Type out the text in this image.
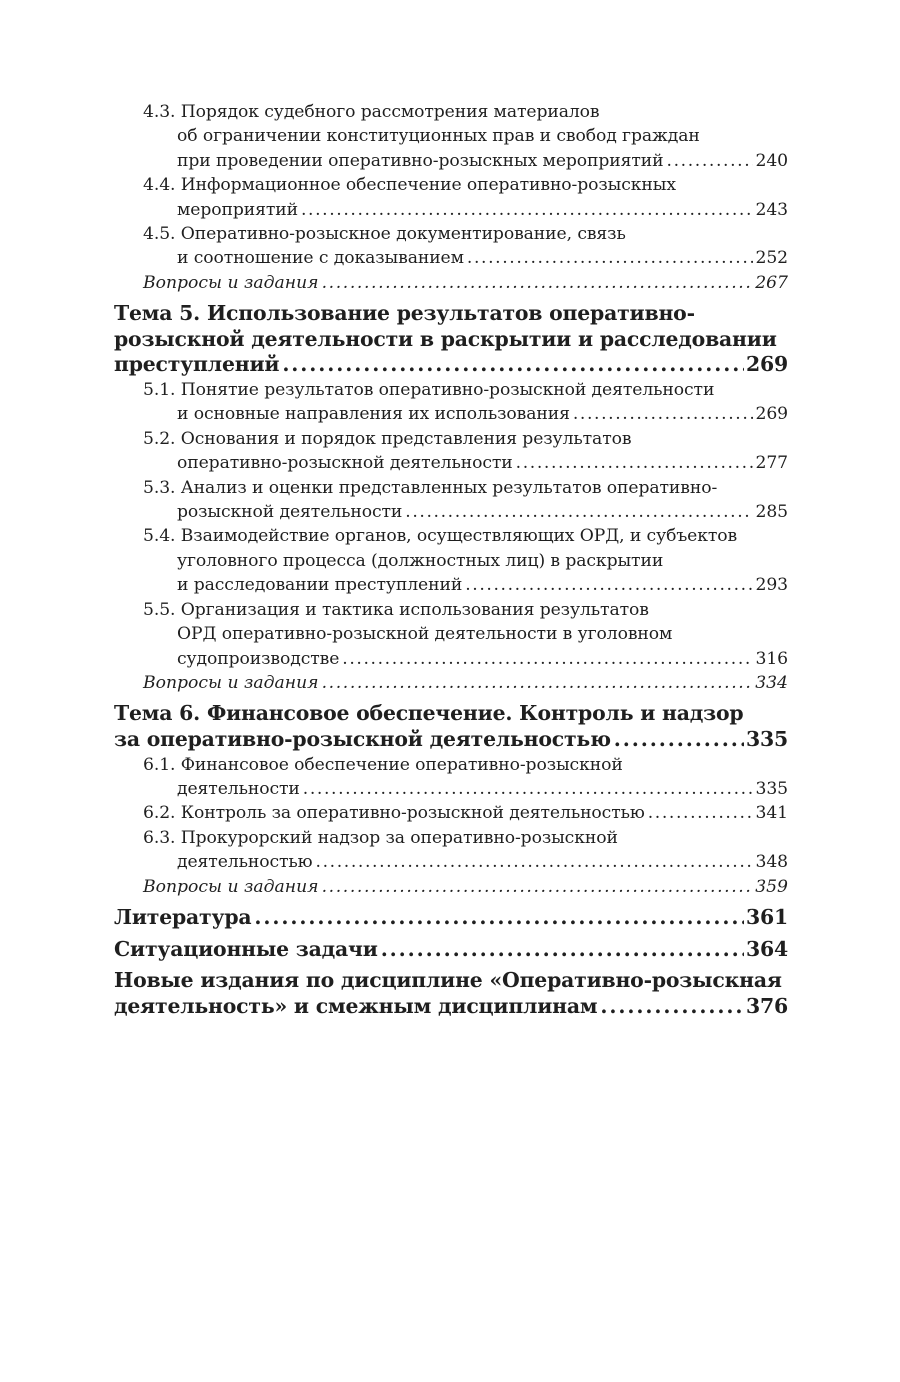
4.3. Порядок судебного рассмотрения материалов
об ограничении конституционных прав и свобод граждан
при проведении оперативно-розыскных мероприятий .....	240
4.4. Информационное обеспечение оперативно-розыскных
мероприятий .....	243
4.5. Оперативно-розыскное документирование, связь
и соотношение с доказыванием .....	252
Вопросы и задания .....	267
Тема 5. Использование результатов оперативно-
розыскной деятельности в раскрытии и расследовании
преступлений .....	269
5.1. Понятие результатов оперативно-розыскной деятельности
и основные направления их использования .....	269
5.2. Основания и порядок представления результатов
оперативно-розыскной деятельности .....	277
5.3. Анализ и оценки представленных результатов оперативно-
розыскной деятельности .....	285
5.4. Взаимодействие органов, осуществляющих ОРД, и субъектов
уголовного процесса (должностных лиц) в раскрытии
и расследовании преступлений .....	293
5.5. Организация и тактика использования результатов
ОРД оперативно-розыскной деятельности в уголовном
судопроизводстве .....	316
Вопросы и задания .....	334
Тема 6. Финансовое обеспечение. Контроль и надзор
за оперативно-розыскной деятельностью .....	335
6.1. Финансовое обеспечение оперативно-розыскной
деятельности .....	335
6.2. Контроль за оперативно-розыскной деятельностью .....	341
6.3. Прокурорский надзор за оперативно-розыскной
деятельностью .....	348
Вопросы и задания .....	359
Литература .....	361
Ситуационные задачи .....	364
Новые издания по дисциплине «Оперативно-розыскная
деятельность» и смежным дисциплинам .....	376
